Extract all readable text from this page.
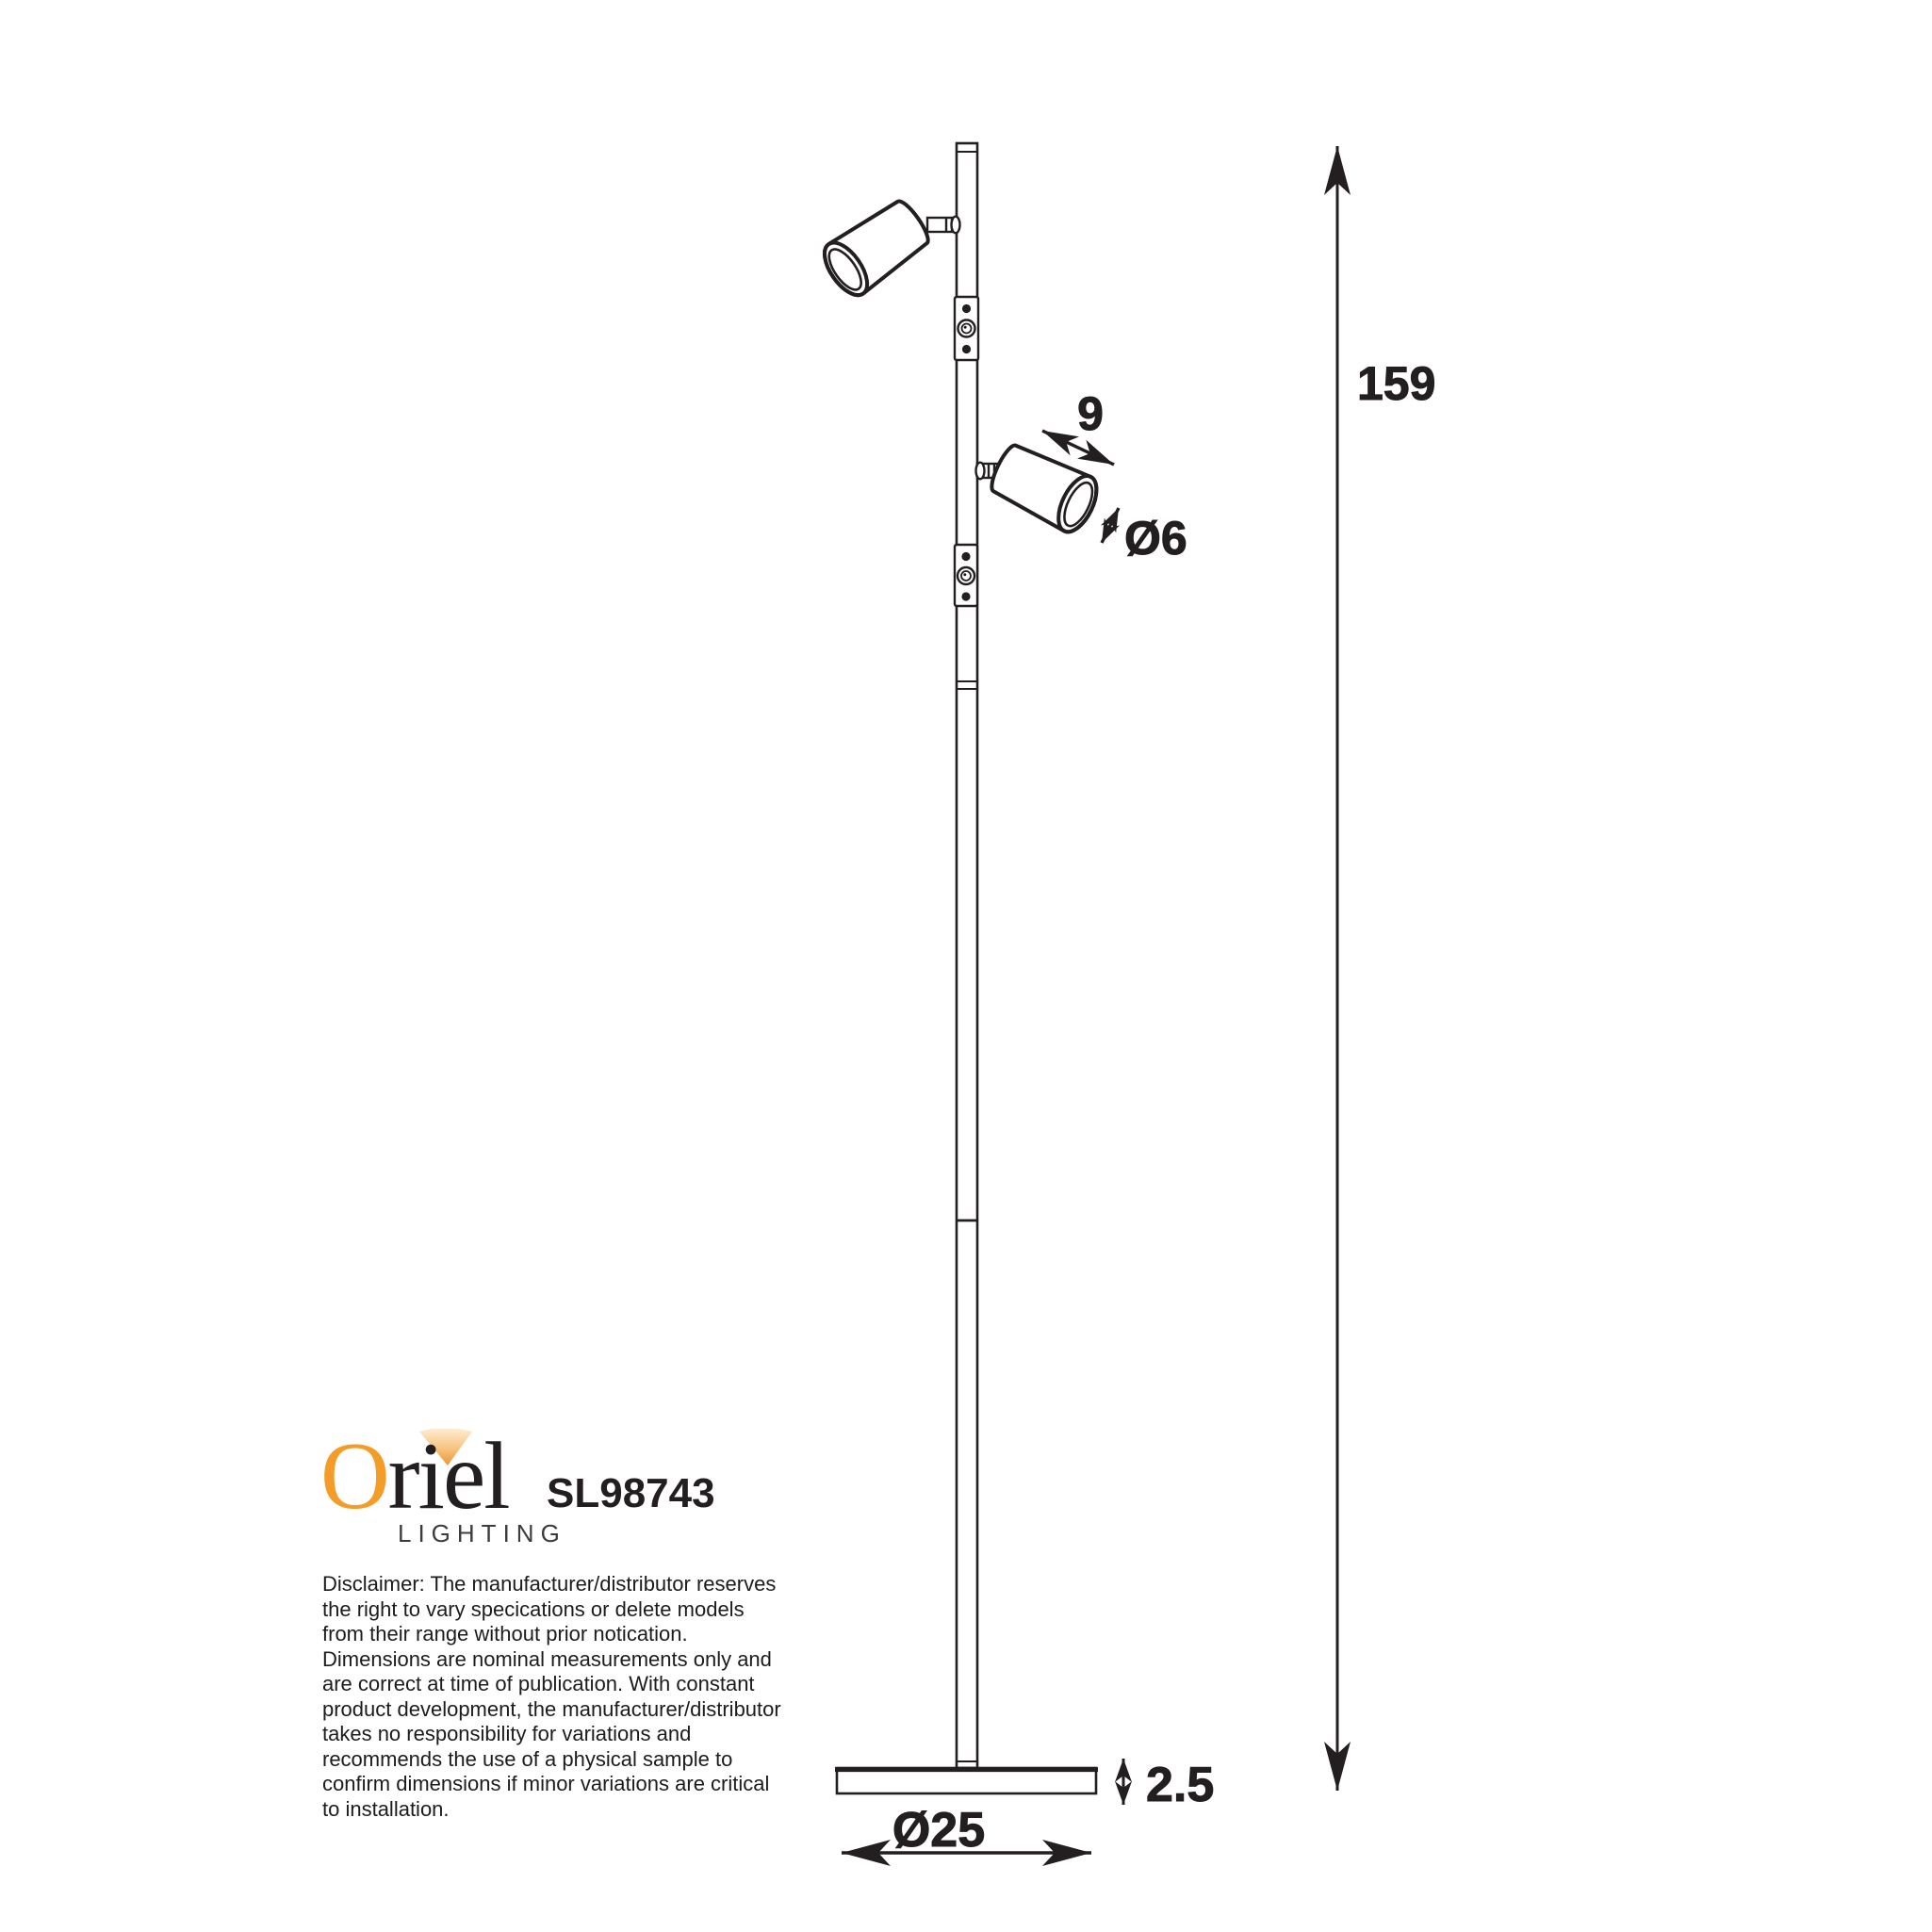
159
9
Ø6
2.5
Ø25
Oriel
LIGHTING
SL98743
Disclaimer: The manufacturer/distributor reserves
the right to vary specications or delete models
from their range without prior notication.
Dimensions are nominal measurements only and
are correct at time of publication. With constant
product development, the manufacturer/distributor
takes no responsibility for variations and
recommends the use of a physical sample to
confirm dimensions if minor variations are critical
to installation.
